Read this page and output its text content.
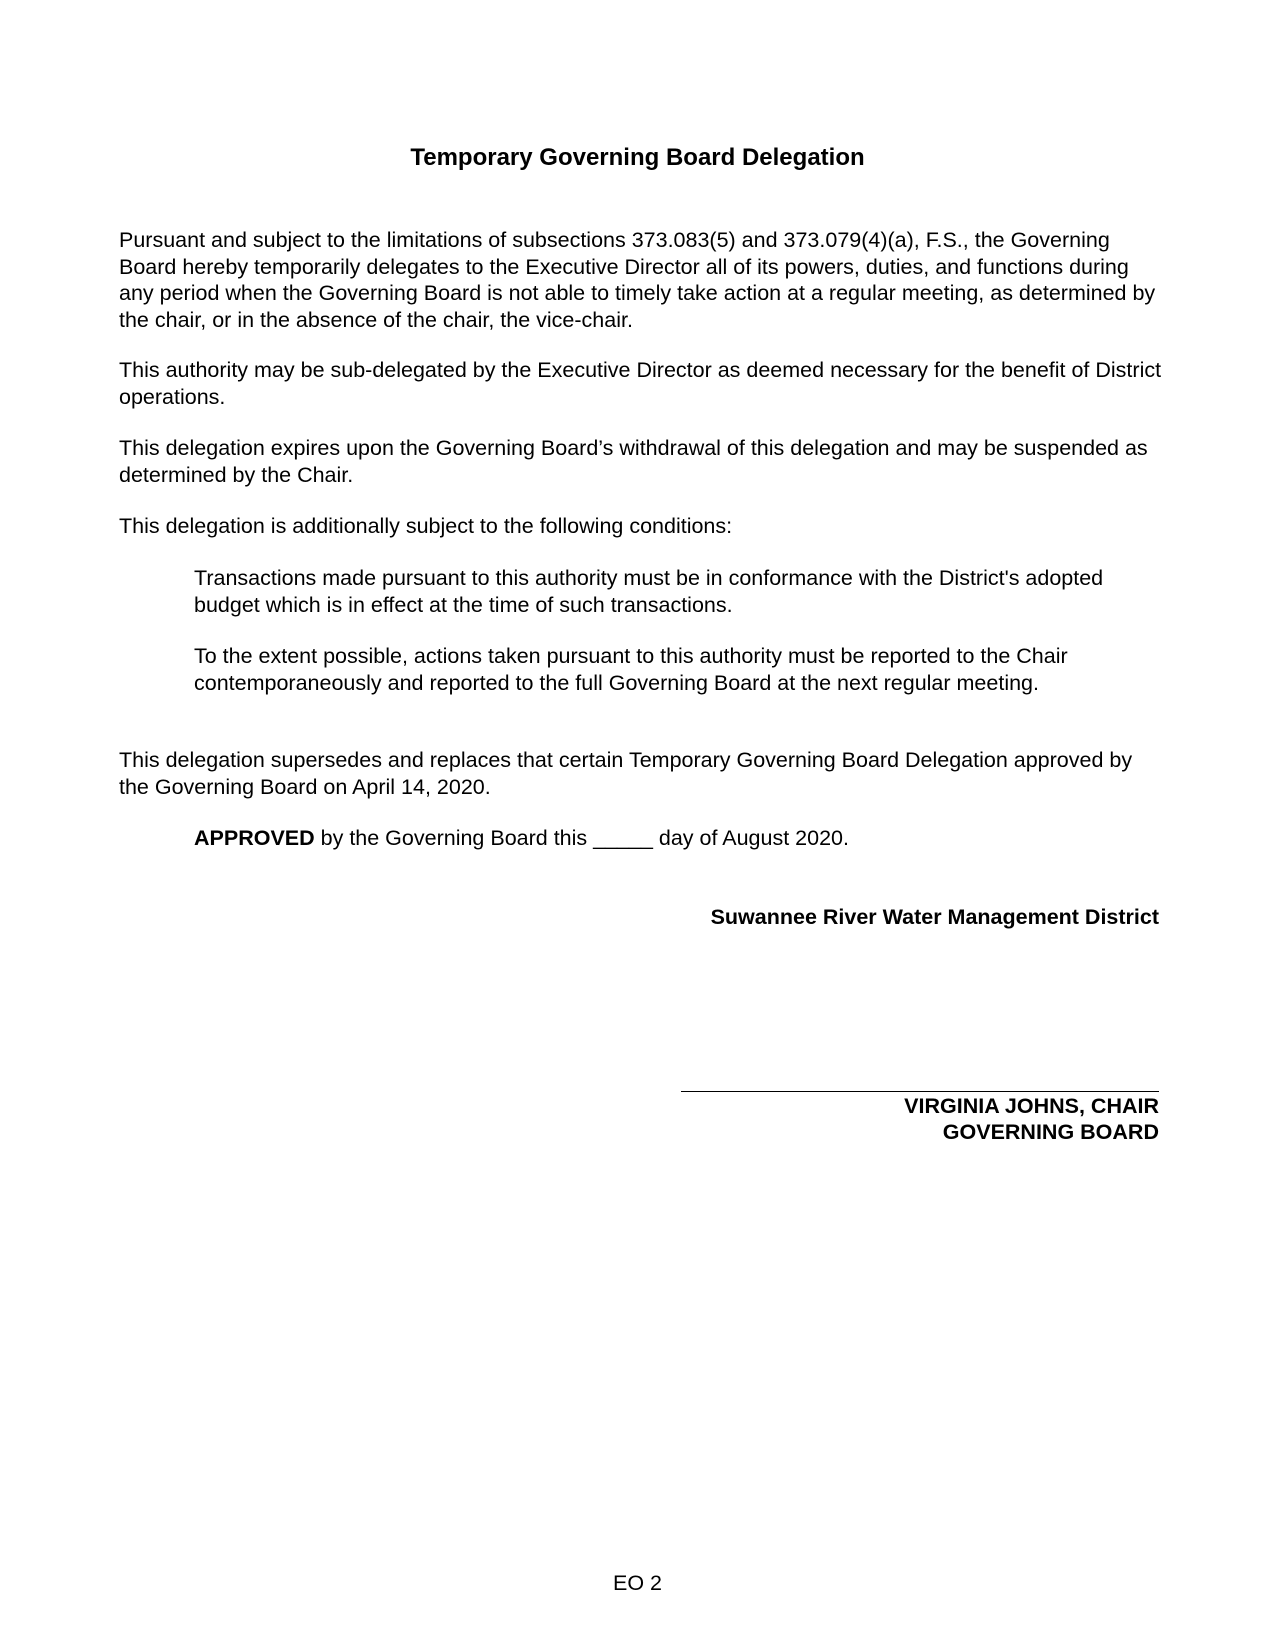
Temporary Governing Board Delegation

Pursuant and subject to the limitations of subsections 373.083(5) and 373.079(4)(a), F.S., the Governing Board hereby temporarily delegates to the Executive Director all of its powers, duties, and functions during any period when the Governing Board is not able to timely take action at a regular meeting, as determined by the chair, or in the absence of the chair, the vice-chair.

This authority may be sub-delegated by the Executive Director as deemed necessary for the benefit of District operations.

This delegation expires upon the Governing Board’s withdrawal of this delegation and may be suspended as determined by the Chair.

This delegation is additionally subject to the following conditions:

Transactions made pursuant to this authority must be in conformance with the District's adopted budget which is in effect at the time of such transactions.

To the extent possible, actions taken pursuant to this authority must be reported to the Chair contemporaneously and reported to the full Governing Board at the next regular meeting.

This delegation supersedes and replaces that certain Temporary Governing Board Delegation approved by the Governing Board on April 14, 2020.

APPROVED by the Governing Board this _____ day of August 2020.

Suwannee River Water Management District
VIRGINIA JOHNS, CHAIR
GOVERNING BOARD
EO 2
